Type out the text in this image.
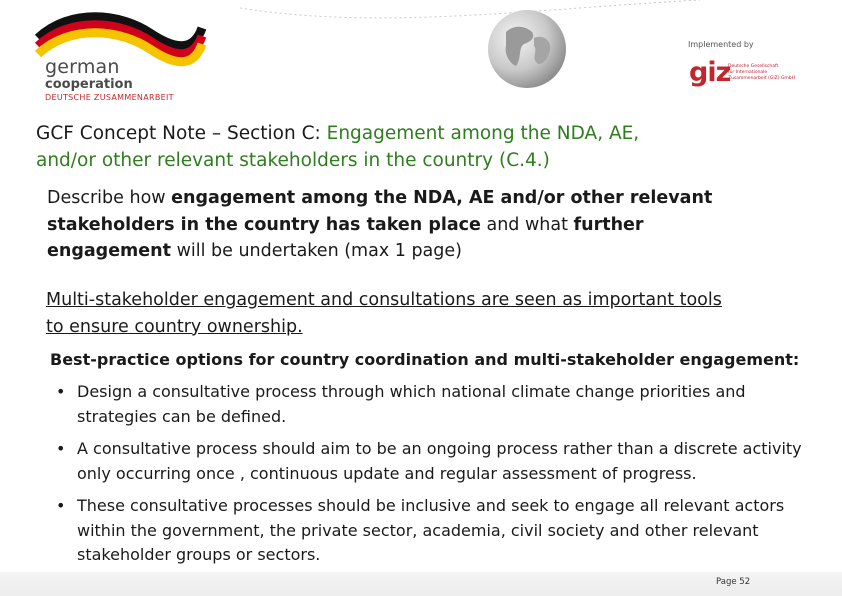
german
cooperation
DEUTSCHE ZUSAMMENARBEIT
Implemented by
giz
Deutsche Gesellschaft
für Internationale
Zusammenarbeit (GIZ) GmbH
GCF Concept Note – Section C: Engagement among the NDA, AE,
and/or other relevant stakeholders in the country (C.4.)
Describe how engagement among the NDA, AE and/or other relevant stakeholders in the country has taken place and what further engagement will be undertaken (max 1 page)
Multi-stakeholder engagement and consultations are seen as important tools to ensure country ownership.
Best-practice options for country coordination and multi-stakeholder engagement:
• Design a consultative process through which national climate change priorities and strategies can be defined.
• A consultative process should aim to be an ongoing process rather than a discrete activity only occurring once , continuous update and regular assessment of progress.
• These consultative processes should be inclusive and seek to engage all relevant actors within the government, the private sector, academia, civil society and other relevant stakeholder groups or sectors.
Page 52
